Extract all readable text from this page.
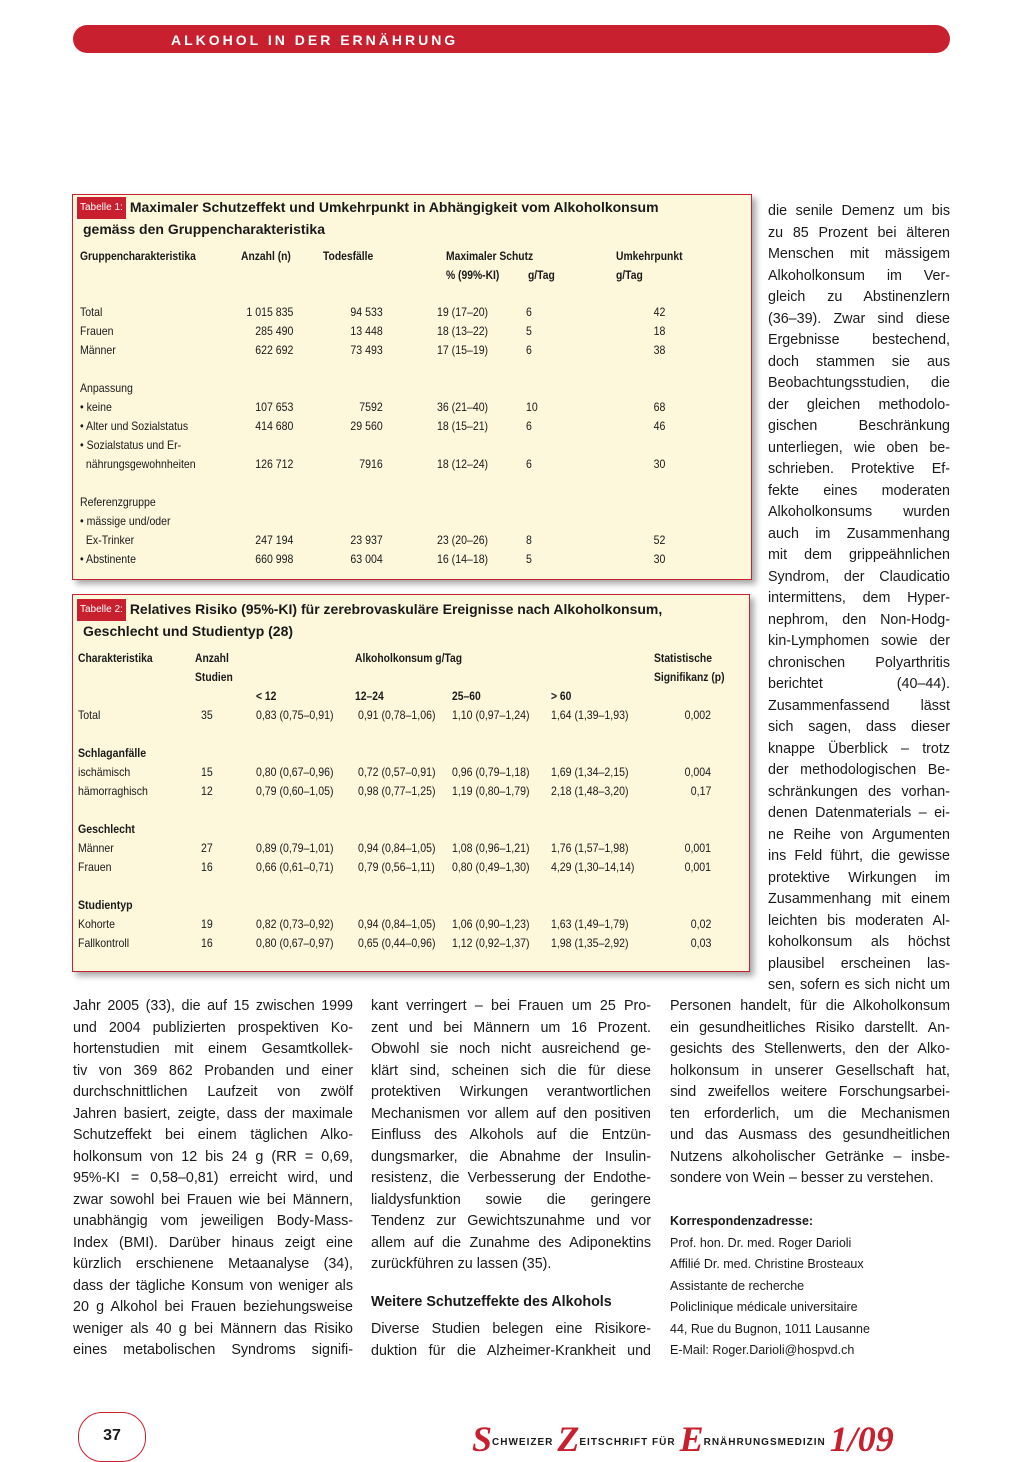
ALKOHOL IN DER ERNÄHRUNG
Tabelle 1: Maximaler Schutzeffekt und Umkehrpunkt in Abhängigkeit vom Alkoholkonsum
gemäss den Gruppencharakteristika
Gruppencharakteristika	Anzahl (n)	Todesfälle	Maximaler Schutz	Umkehrpunkt
% (99%-KI) g/Tag	g/Tag
Total	1 015 835	94 533	19 (17–20)	6	42
Frauen	285 490	13 448	18 (13–22)	5	18
Männer	622 692	73 493	17 (15–19)	6	38
Anpassung
• keine	107 653	7592	36 (21–40)	10	68
• Alter und Sozialstatus	414 680	29 560	18 (15–21)	6	46
• Sozialstatus und Er-
nährungsgewohnheiten	126 712	7916	18 (12–24)	6	30
Referenzgruppe
• mässige und/oder
Ex-Trinker	247 194	23 937	23 (20–26)	8	52
• Abstinente	660 998	63 004	16 (14–18)	5	30
Tabelle 2: Relatives Risiko (95%-KI) für zerebrovaskuläre Ereignisse nach Alkoholkonsum,
Geschlecht und Studientyp (28)
Charakteristika	Anzahl
Studien
Alkoholkonsum g/Tag	Statistische
Signifikanz (p)
< 12	12–24	25–60	> 60
Total	35	0,83 (0,75–0,91) 0,91 (0,78–1,06) 1,10 (0,97–1,24) 1,64 (1,39–1,93)	0,002
Schlaganfälle
ischämisch	15	0,80 (0,67–0,96) 0,72 (0,57–0,91) 0,96 (0,79–1,18) 1,69 (1,34–2,15)	0,004
hämorraghisch	12	0,79 (0,60–1,05) 0,98 (0,77–1,25) 1,19 (0,80–1,79) 2,18 (1,48–3,20)	0,17
Geschlecht
Männer	27	0,89 (0,79–1,01) 0,94 (0,84–1,05) 1,08 (0,96–1,21) 1,76 (1,57–1,98)	0,001
Frauen	16	0,66 (0,61–0,71) 0,79 (0,56–1,11) 0,80 (0,49–1,30) 4,29 (1,30–14,14)	0,001
Studientyp
Kohorte	19	0,82 (0,73–0,92) 0,94 (0,84–1,05) 1,06 (0,90–1,23) 1,63 (1,49–1,79)	0,02
Fallkontroll	16	0,80 (0,67–0,97) 0,65 (0,44–0,96) 1,12 (0,92–1,37) 1,98 (1,35–2,92)	0,03
die senile Demenz um bis
zu 85 Prozent bei älteren
Menschen mit mässigem
Alkoholkonsum im Ver-
gleich zu Abstinenzlern
(36–39). Zwar sind diese
Ergebnisse bestechend,
doch stammen sie aus
Beobachtungsstudien, die
der gleichen methodolo-
gischen Beschränkung
unterliegen, wie oben be-
schrieben. Protektive Ef-
fekte eines moderaten
Alkoholkonsums wurden
auch im Zusammenhang
mit dem grippeähnlichen
Syndrom, der Claudicatio
intermittens, dem Hyper-
nephrom, den Non-Hodg-
kin-Lymphomen sowie der
chronischen Polyarthritis
berichtet (40–44).
Zusammenfassend lässt
sich sagen, dass dieser
knappe Überblick – trotz
der methodologischen Be-
schränkungen des vorhan-
denen Datenmaterials – ei-
ne Reihe von Argumenten
ins Feld führt, die gewisse
protektive Wirkungen im
Zusammenhang mit einem
leichten bis moderaten Al-
koholkonsum als höchst
plausibel erscheinen las-
sen, sofern es sich nicht um
Jahr 2005 (33), die auf 15 zwischen 1999
und 2004 publizierten prospektiven Ko-
hortenstudien mit einem Gesamtkollek-
tiv von 369 862 Probanden und einer
durchschnittlichen Laufzeit von zwölf
Jahren basiert, zeigte, dass der maximale
Schutzeffekt bei einem täglichen Alko-
holkonsum von 12 bis 24 g (RR = 0,69,
95%-KI = 0,58–0,81) erreicht wird, und
zwar sowohl bei Frauen wie bei Männern,
unabhängig vom jeweiligen Body-Mass-
Index (BMI). Darüber hinaus zeigt eine
kürzlich erschienene Metaanalyse (34),
dass der tägliche Konsum von weniger als
20 g Alkohol bei Frauen beziehungsweise
weniger als 40 g bei Männern das Risiko
eines metabolischen Syndroms signifi-
kant verringert – bei Frauen um 25 Pro-
zent und bei Männern um 16 Prozent.
Obwohl sie noch nicht ausreichend ge-
klärt sind, scheinen sich die für diese
protektiven Wirkungen verantwortlichen
Mechanismen vor allem auf den positiven
Einfluss des Alkohols auf die Entzün-
dungsmarker, die Abnahme der Insulin-
resistenz, die Verbesserung der Endothe-
lialdysfunktion sowie die geringere
Tendenz zur Gewichtszunahme und vor
allem auf die Zunahme des Adiponektins
zurückführen zu lassen (35).
Weitere Schutzeffekte des Alkohols
Diverse Studien belegen eine Risikore-
duktion für die Alzheimer-Krankheit und
Personen handelt, für die Alkoholkonsum
ein gesundheitliches Risiko darstellt. An-
gesichts des Stellenwerts, den der Alko-
holkonsum in unserer Gesellschaft hat,
sind zweifellos weitere Forschungsarbei-
ten erforderlich, um die Mechanismen
und das Ausmass des gesundheitlichen
Nutzens alkoholischer Getränke – insbe-
sondere von Wein – besser zu verstehen.
Korrespondenzadresse:
Prof. hon. Dr. med. Roger Darioli
Affilié Dr. med. Christine Brosteaux
Assistante de recherche
Policlinique médicale universitaire
44, Rue du Bugnon, 1011 Lausanne
E-Mail: Roger.Darioli@hospvd.ch
37	$S^{CHWEIZER}$ $Z^{EITSCHRIFT FÜR}$ $E^{RNÄHRUNGSMEDIZIN}$ 1/09
